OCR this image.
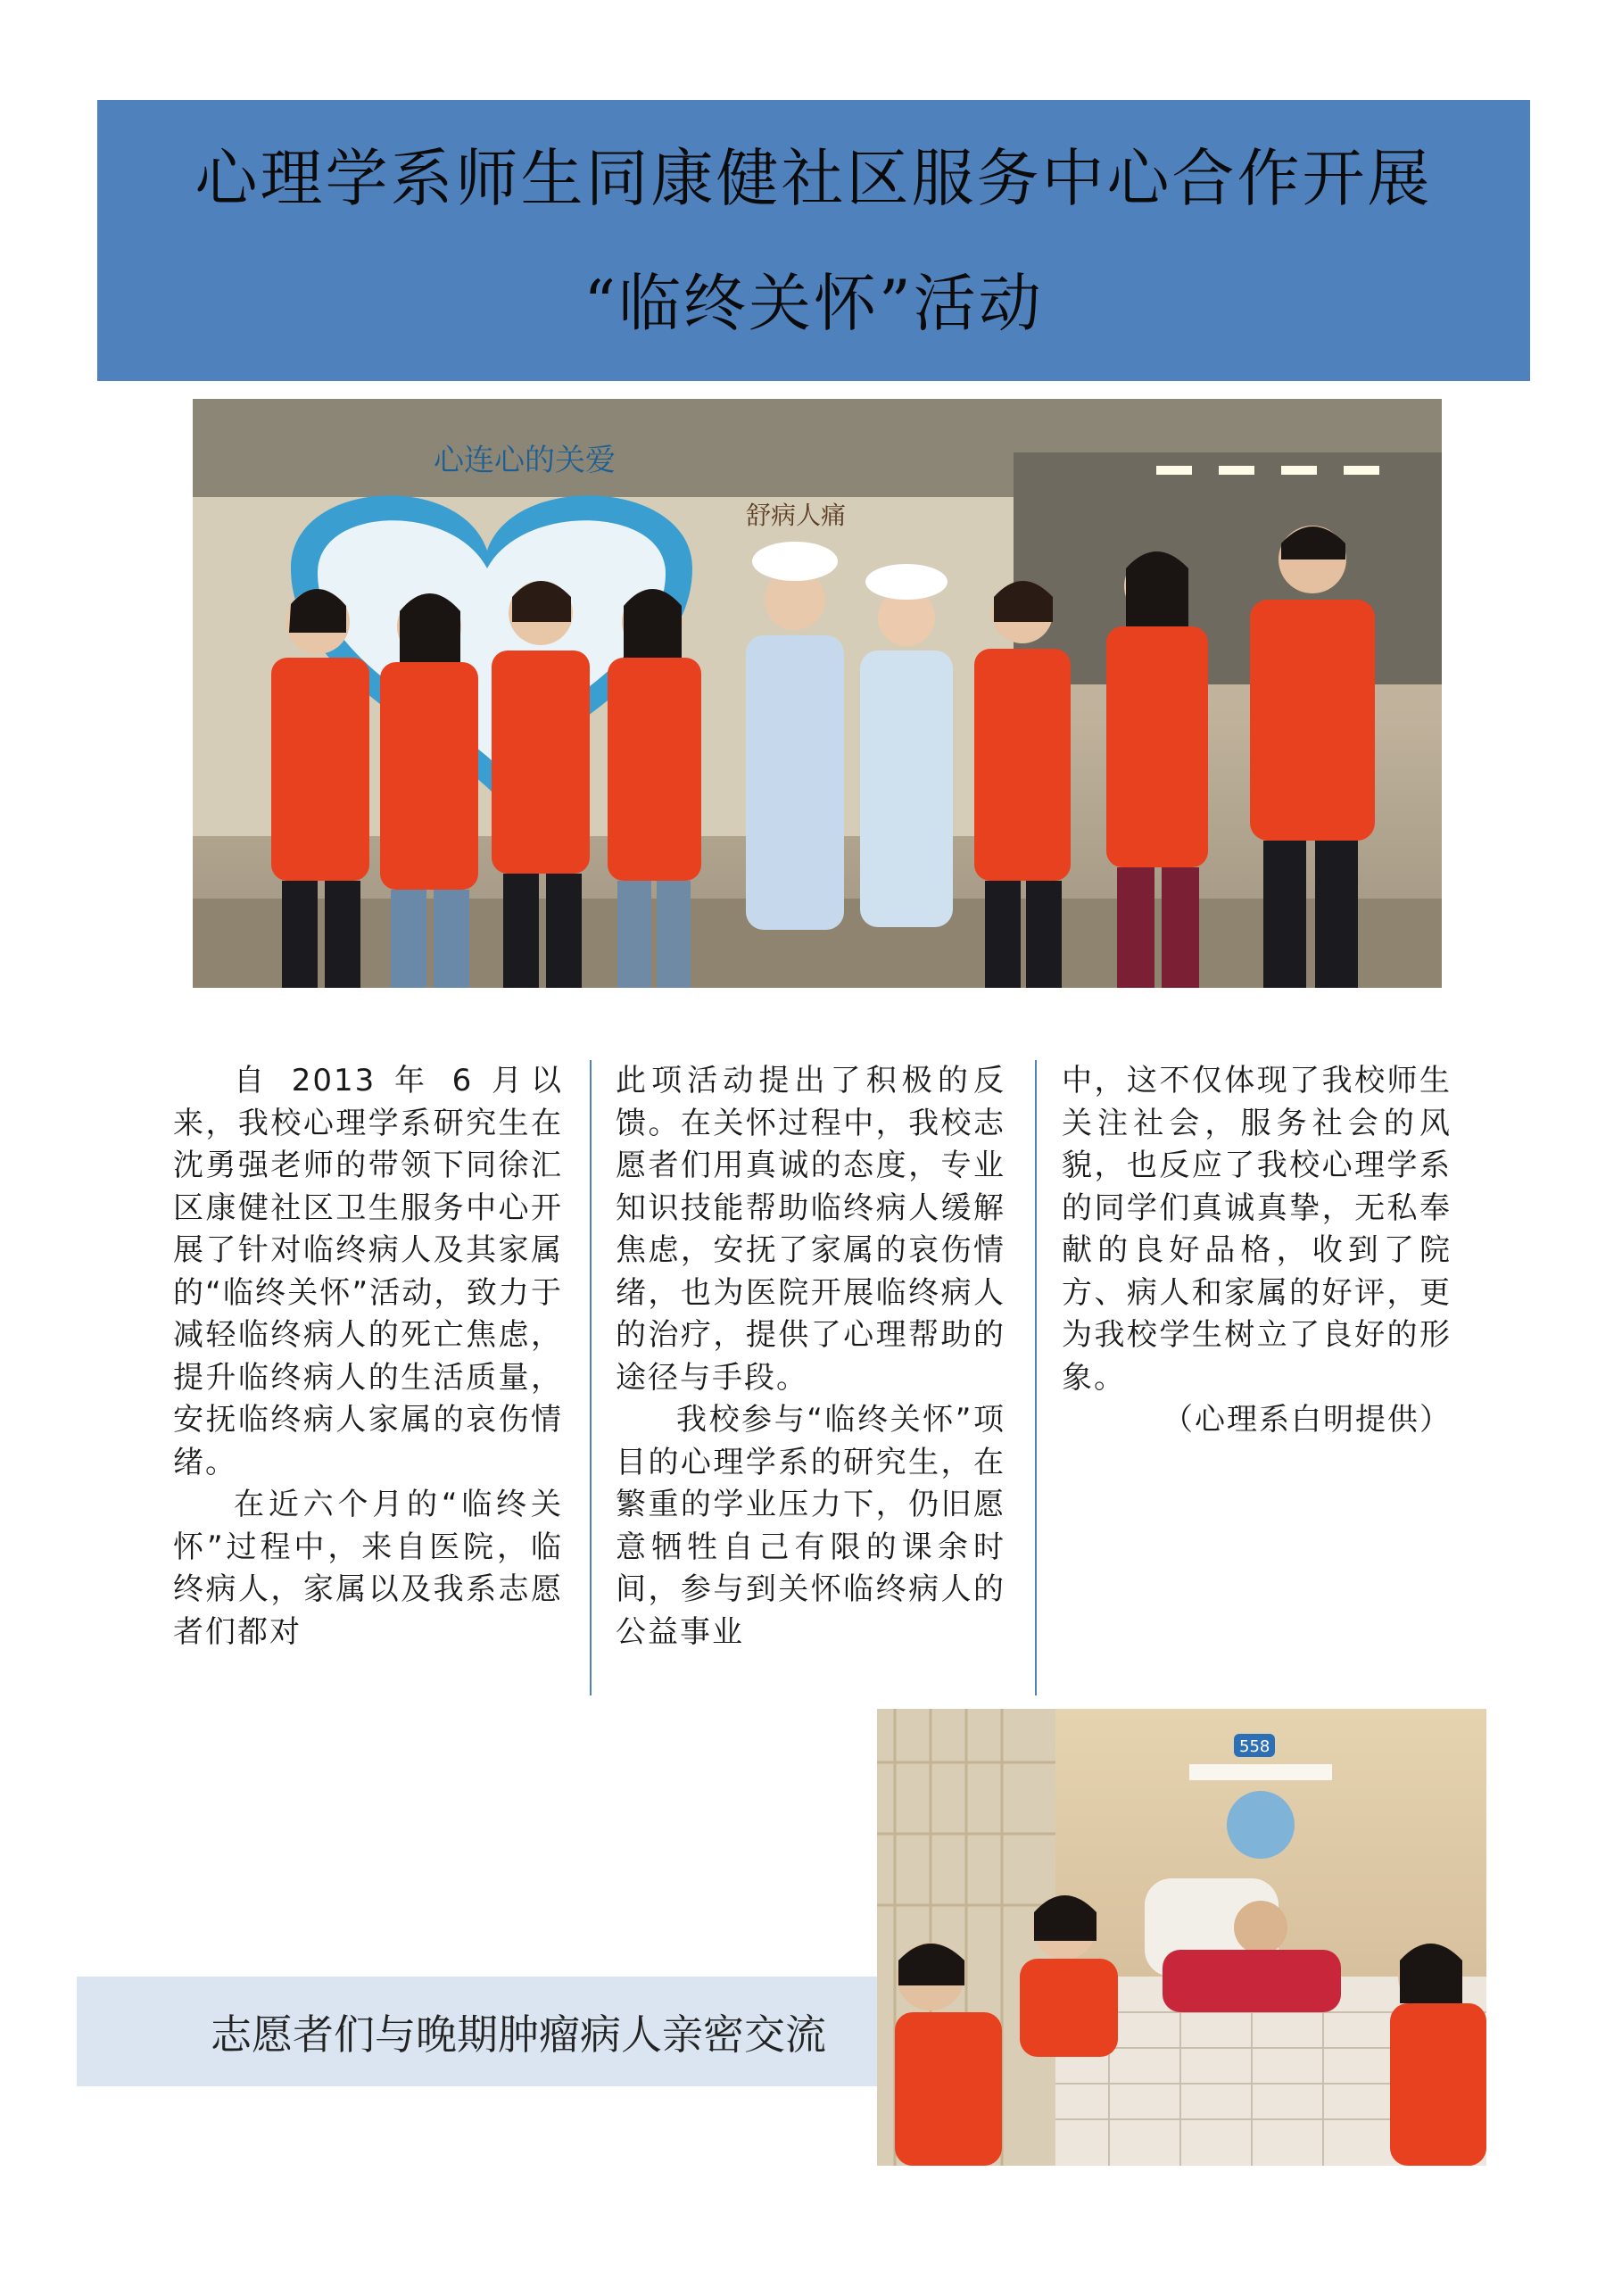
心理学系师生同康健社区服务中心合作开展
“临终关怀”活动
心连心的关爱
舒病人痛

自 2013 年 6 月以来，我校心理学系研究生在沈勇强老师的带领下同徐汇区康健社区卫生服务中心开展了针对临终病人及其家属的“临终关怀”活动，致力于减轻临终病人的死亡焦虑，提升临终病人的生活质量，安抚临终病人家属的哀伤情绪。

在近六个月的“临终关怀”过程中，来自医院，临终病人，家属以及我系志愿者们都对

此项活动提出了积极的反馈。在关怀过程中，我校志愿者们用真诚的态度，专业知识技能帮助临终病人缓解焦虑，安抚了家属的哀伤情绪，也为医院开展临终病人的治疗，提供了心理帮助的途径与手段。

我校参与“临终关怀”项目的心理学系的研究生，在繁重的学业压力下，仍旧愿意牺牲自己有限的课余时间，参与到关怀临终病人的公益事业

中，这不仅体现了我校师生关注社会，服务社会的风貌，也反应了我校心理学系的同学们真诚真挚，无私奉献的良好品格，收到了院方、病人和家属的好评，更为我校学生树立了良好的形象。

（心理系白明提供）

志愿者们与晚期肿瘤病人亲密交流
558
